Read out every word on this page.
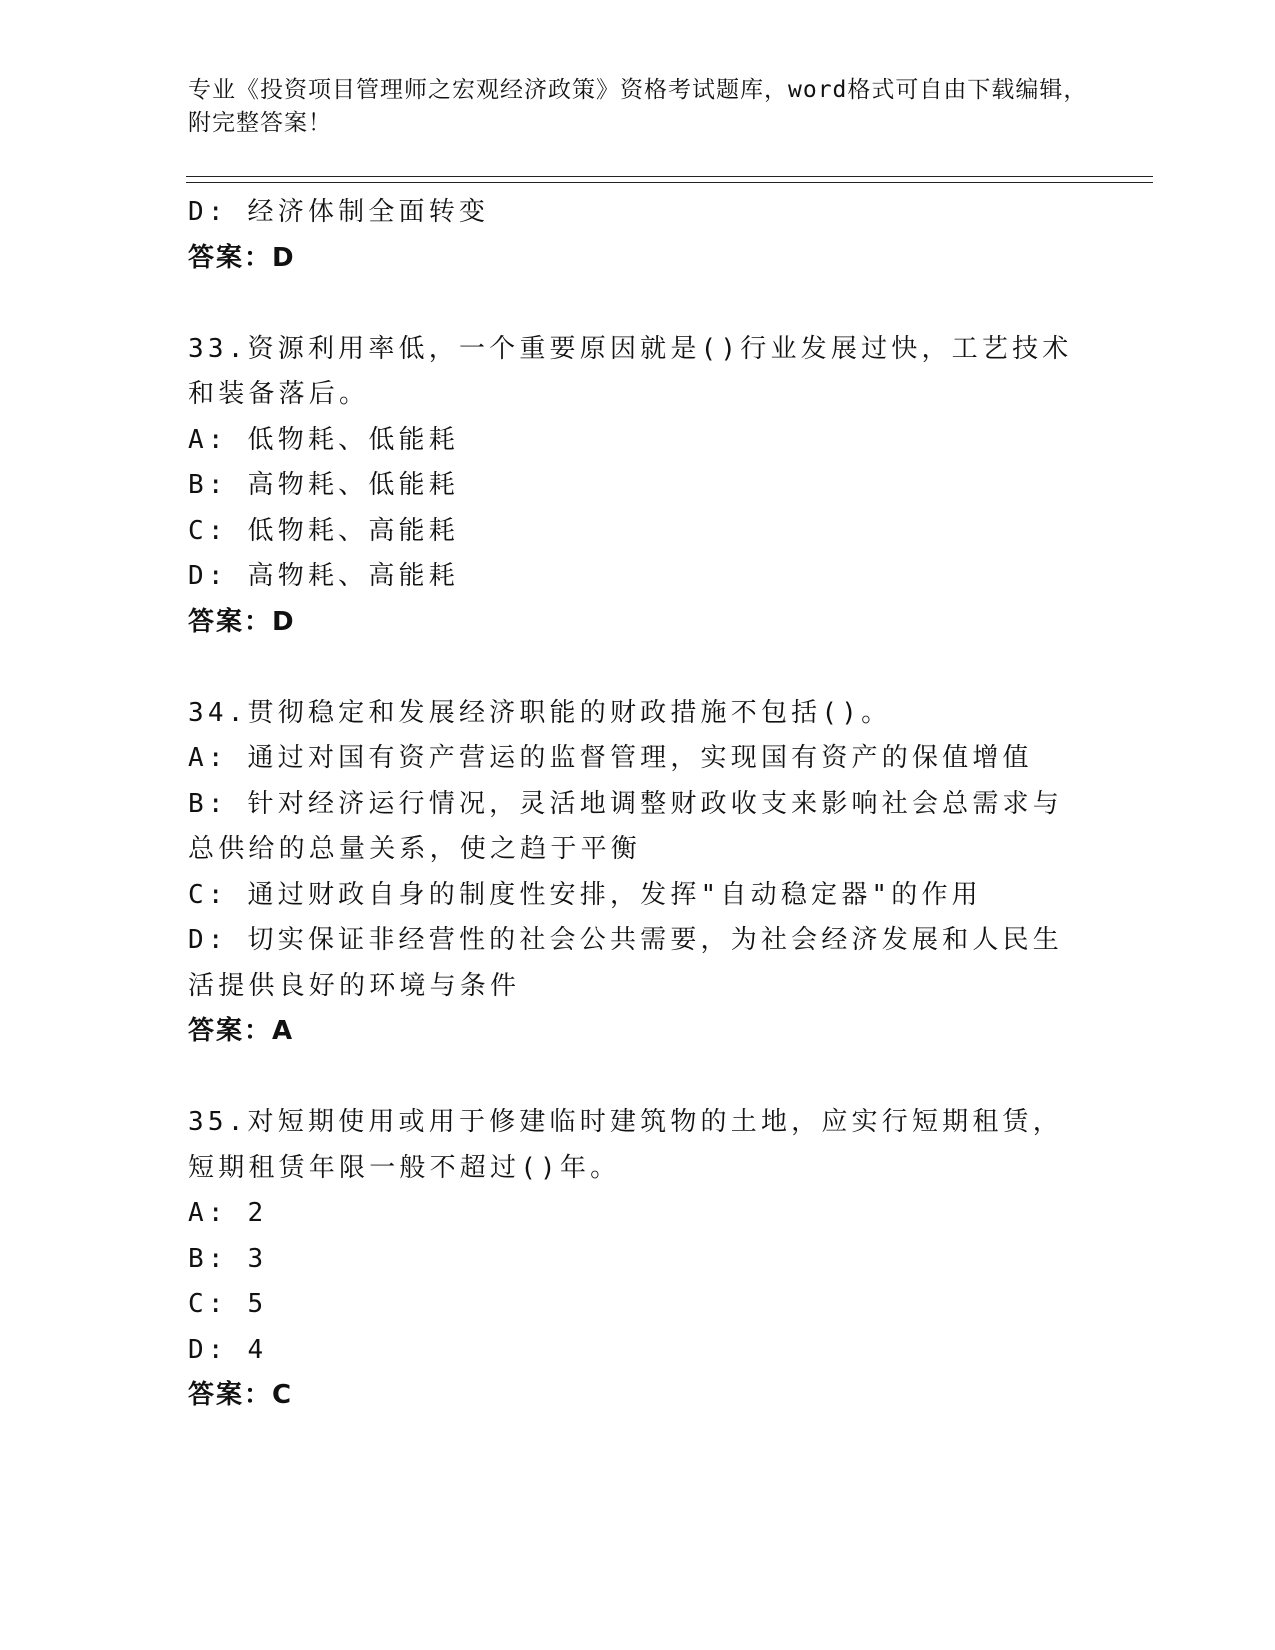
专业《投资项目管理师之宏观经济政策》资格考试题库，word格式可自由下载编辑，附完整答案！
D: 经济体制全面转变
答案：D
33.资源利用率低，一个重要原因就是()行业发展过快，工艺技术和装备落后。
A: 低物耗、低能耗
B: 高物耗、低能耗
C: 低物耗、高能耗
D: 高物耗、高能耗
答案：D
34.贯彻稳定和发展经济职能的财政措施不包括()。
A: 通过对国有资产营运的监督管理，实现国有资产的保值增值
B: 针对经济运行情况，灵活地调整财政收支来影响社会总需求与总供给的总量关系，使之趋于平衡
C: 通过财政自身的制度性安排，发挥"自动稳定器"的作用
D: 切实保证非经营性的社会公共需要，为社会经济发展和人民生活提供良好的环境与条件
答案：A
35.对短期使用或用于修建临时建筑物的土地，应实行短期租赁，短期租赁年限一般不超过()年。
A: 2
B: 3
C: 5
D: 4
答案：C
